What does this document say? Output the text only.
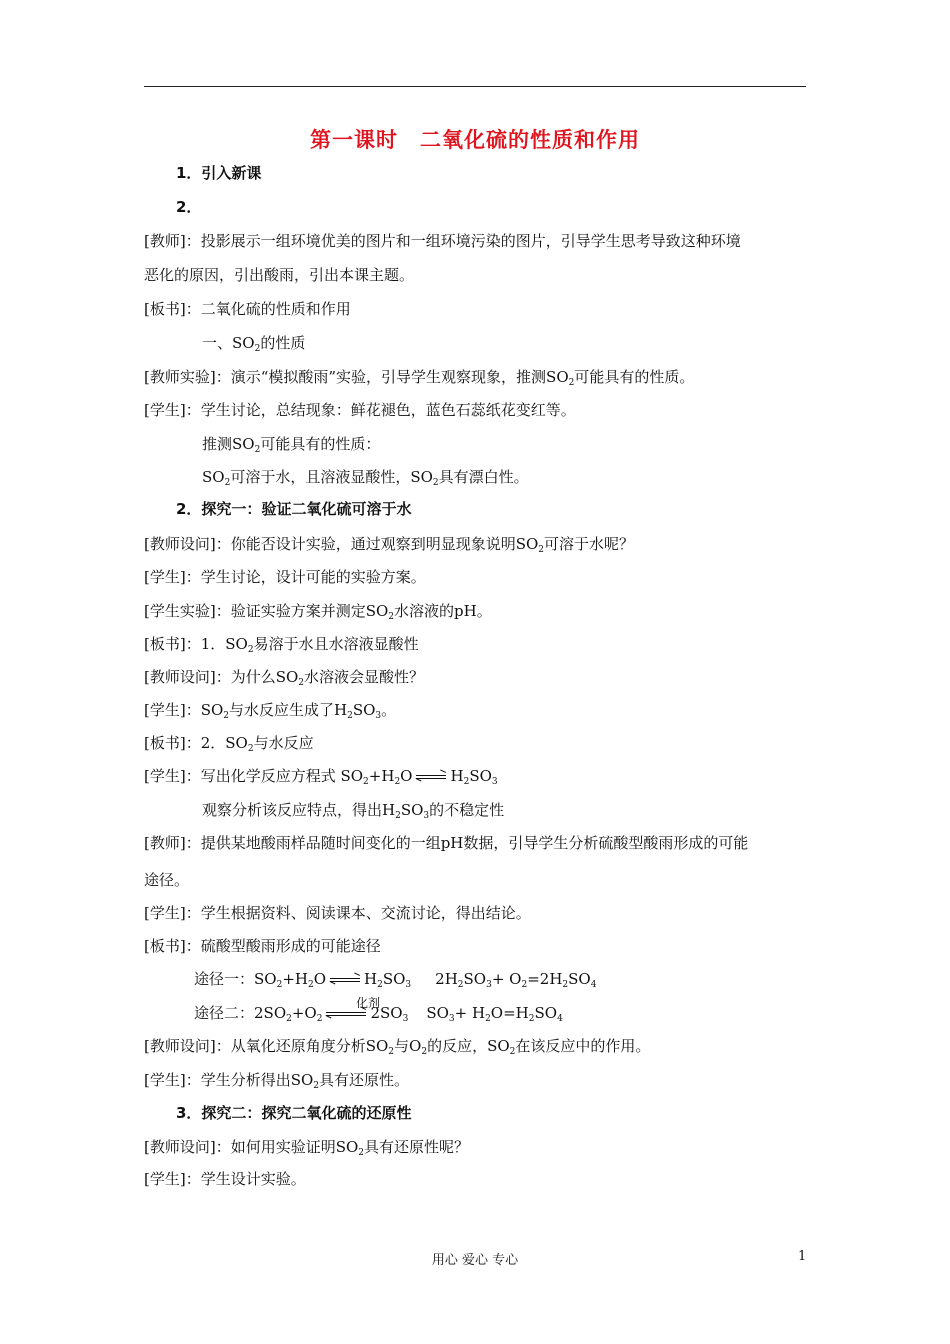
第一课时 二氧化硫的性质和作用
1．引入新课
2．
[教师]：投影展示一组环境优美的图片和一组环境污染的图片，引导学生思考导致这种环境
恶化的原因，引出酸雨，引出本课主题。
[板书]：二氧化硫的性质和作用
一、$SO_2$的性质
[教师实验]：演示“模拟酸雨”实验，引导学生观察现象，推测$SO_2$可能具有的性质。
[学生]：学生讨论，总结现象：鲜花褪色，蓝色石蕊纸花变红等。
推测$SO_2$可能具有的性质：
$SO_2$可溶于水，且溶液显酸性，$SO_2$具有漂白性。
2．探究一：验证二氧化硫可溶于水
[教师设问]：你能否设计实验，通过观察到明显现象说明$SO_2$可溶于水呢？
[学生]：学生讨论，设计可能的实验方案。
[学生实验]：验证实验方案并测定$SO_2$水溶液的pH。
[板书]：1．$SO_2$易溶于水且水溶液显酸性
[教师设问]：为什么$SO_2$水溶液会显酸性？
[学生]：$SO_2$与水反应生成了$H_2SO_3$。
[板书]：2．$SO_2$与水反应
[学生]：写出化学反应方程式 $SO_2+H_2O$	$H_2SO_3$
观察分析该反应特点，得出$H_2SO_3$的不稳定性
[教师]：提供某地酸雨样品随时间变化的一组pH数据，引导学生分析硫酸型酸雨形成的可能
途径。
[学生]：学生根据资料、阅读课本、交流讨论，得出结论。
[板书]：硫酸型酸雨形成的可能途径
途径一：$SO_2+H_2O$	$H_2SO_3$ $2H_2SO_3+ O_2=2H_2SO_4$
化剂
途径二：$2SO_2+O_2$	$2SO_3$ $SO_3+ H_2O=H_2SO_4$
[教师设问]：从氧化还原角度分析$SO_2$与$O_2$的反应，$SO_2$在该反应中的作用。
[学生]：学生分析得出$SO_2$具有还原性。
3．探究二：探究二氧化硫的还原性
[教师设问]：如何用实验证明$SO_2$具有还原性呢？
[学生]：学生设计实验。
用心 爱心 专心	1
